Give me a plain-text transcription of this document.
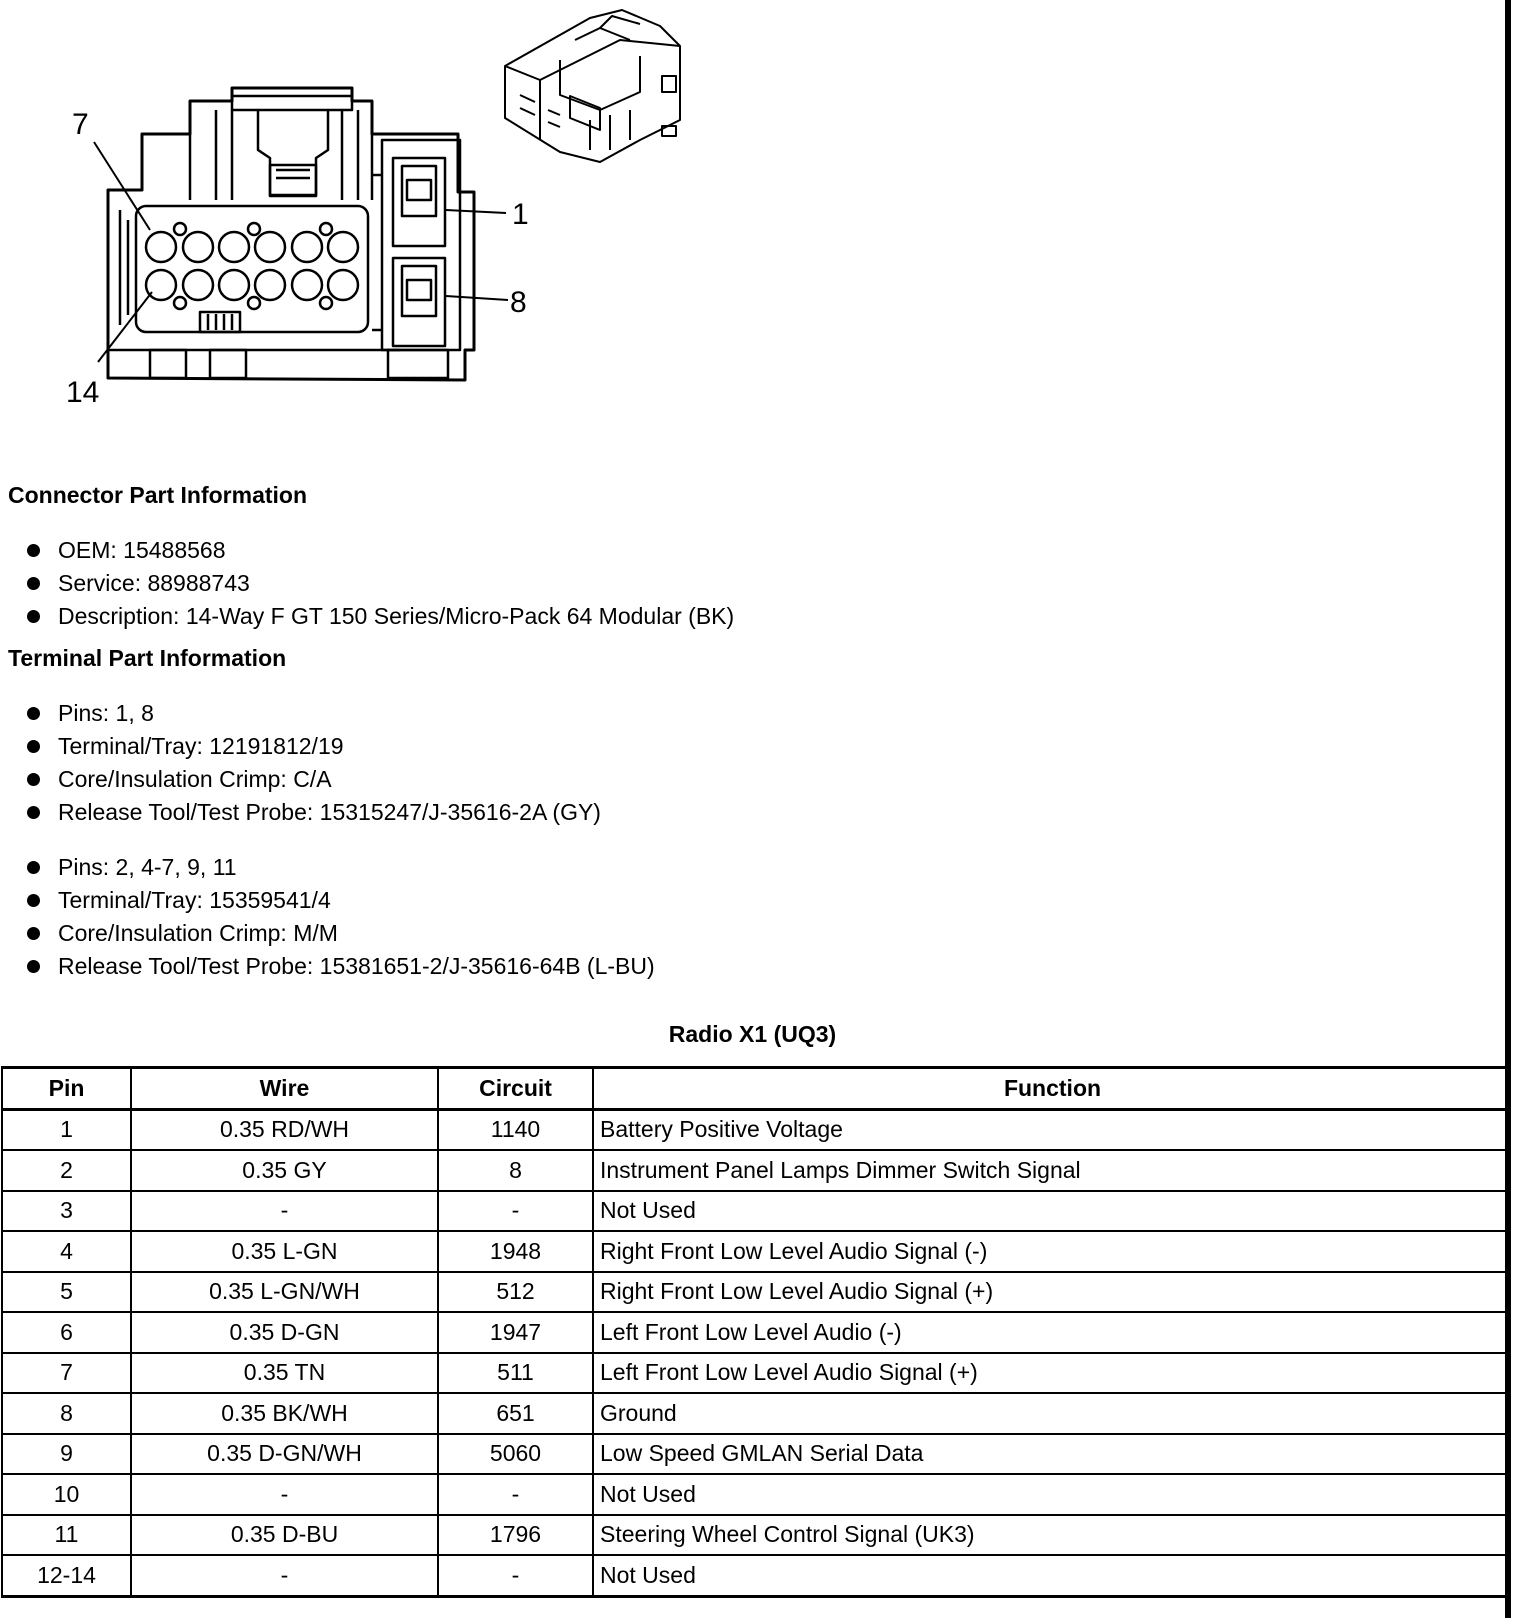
7
14
1
8
Connector Part Information
OEM: 15488568
Service: 88988743
Description: 14-Way F GT 150 Series/Micro-Pack 64 Modular (BK)
Terminal Part Information
Pins: 1, 8
Terminal/Tray: 12191812/19
Core/Insulation Crimp: C/A
Release Tool/Test Probe: 15315247/J-35616-2A (GY)
Pins: 2, 4-7, 9, 11
Terminal/Tray: 15359541/4
Core/Insulation Crimp: M/M
Release Tool/Test Probe: 15381651-2/J-35616-64B (L-BU)
Radio X1 (UQ3)
Pin	Wire	Circuit	Function
1	0.35 RD/WH	1140	Battery Positive Voltage
2	0.35 GY	8	Instrument Panel Lamps Dimmer Switch Signal
3	-	-	Not Used
4	0.35 L-GN	1948	Right Front Low Level Audio Signal (-)
5	0.35 L-GN/WH	512	Right Front Low Level Audio Signal (+)
6	0.35 D-GN	1947	Left Front Low Level Audio (-)
7	0.35 TN	511	Left Front Low Level Audio Signal (+)
8	0.35 BK/WH	651	Ground
9	0.35 D-GN/WH	5060	Low Speed GMLAN Serial Data
10	-	-	Not Used
11	0.35 D-BU	1796	Steering Wheel Control Signal (UK3)
12-14	-	-	Not Used
